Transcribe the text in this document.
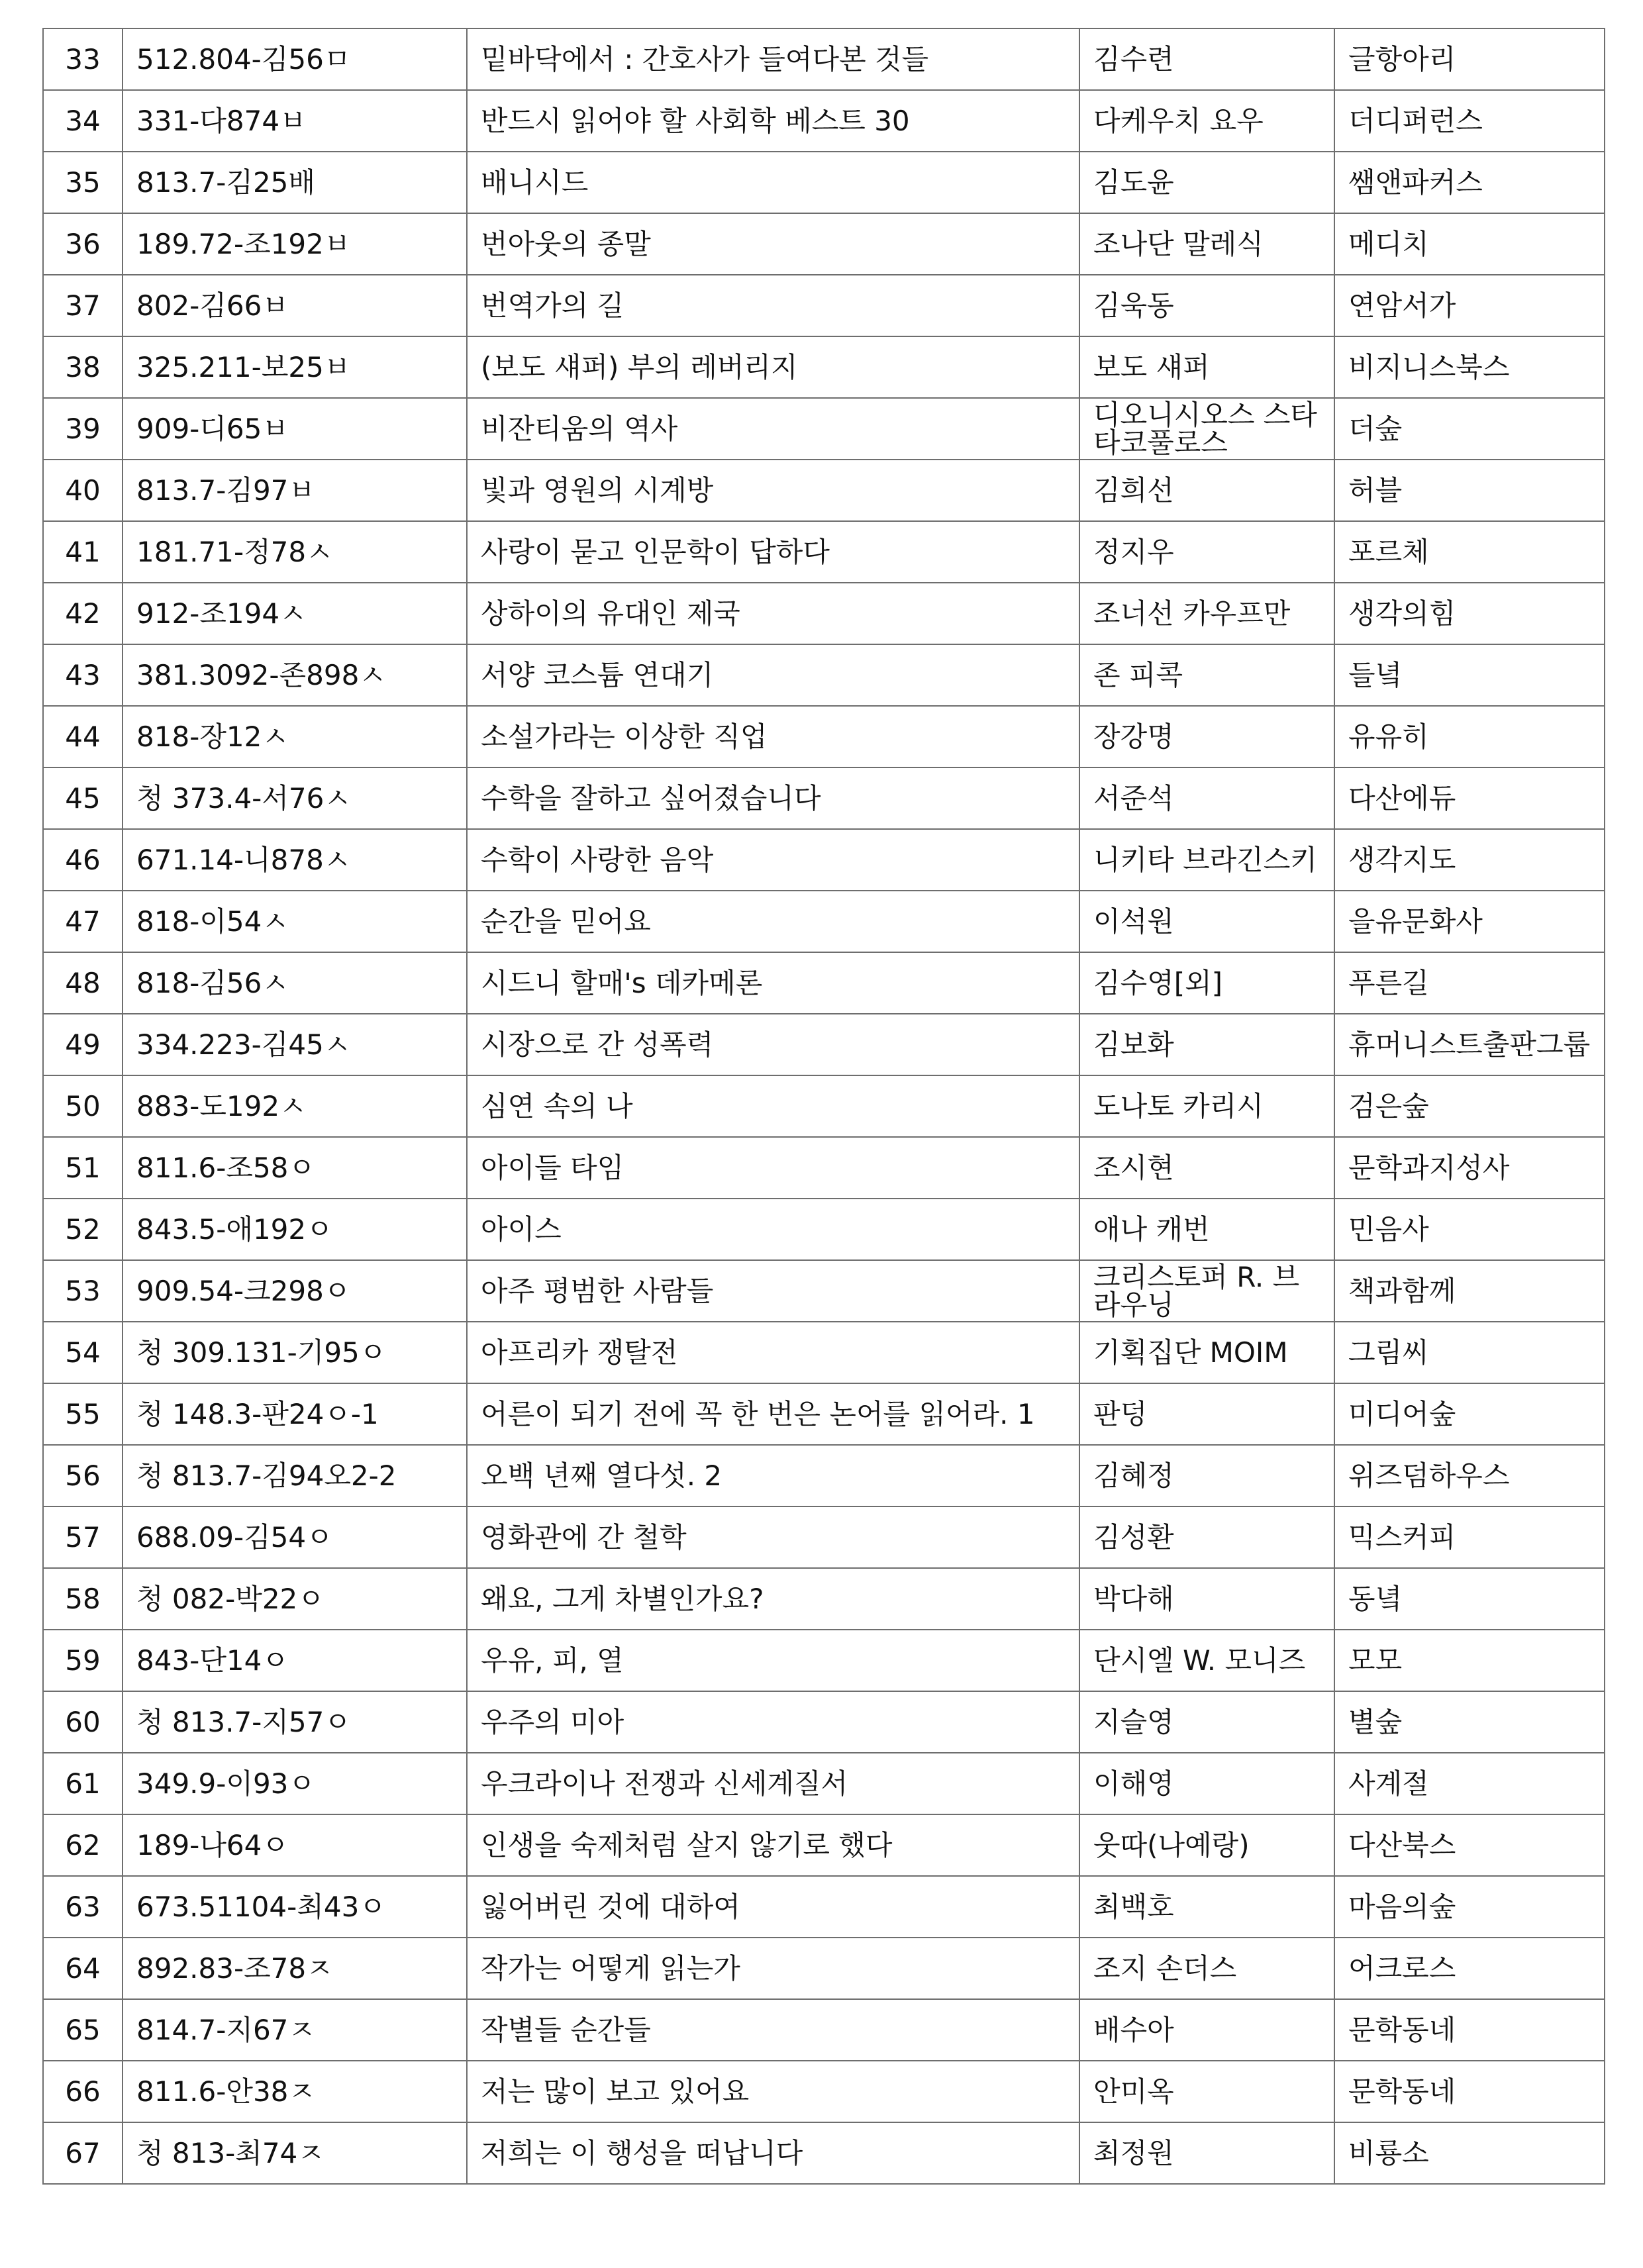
33	512.804-김56ㅁ	밑바닥에서 : 간호사가 들여다본 것들	김수련	글항아리
34	331-다874ㅂ	반드시 읽어야 할 사회학 베스트 30	다케우치 요우	더디퍼런스
35	813.7-김25배	배니시드	김도윤	쌤앤파커스
36	189.72-조192ㅂ	번아웃의 종말	조나단 말레식	메디치
37	802-김66ㅂ	번역가의 길	김욱동	연암서가
38	325.211-보25ㅂ	(보도 섀퍼) 부의 레버리지	보도 섀퍼	비지니스북스
39	909-디65ㅂ	비잔티움의 역사	디오니시오스 스타타코풀로스	더숲
40	813.7-김97ㅂ	빛과 영원의 시계방	김희선	허블
41	181.71-정78ㅅ	사랑이 묻고 인문학이 답하다	정지우	포르체
42	912-조194ㅅ	상하이의 유대인 제국	조너선 카우프만	생각의힘
43	381.3092-존898ㅅ	서양 코스튬 연대기	존 피콕	들녘
44	818-장12ㅅ	소설가라는 이상한 직업	장강명	유유히
45	청 373.4-서76ㅅ	수학을 잘하고 싶어졌습니다	서준석	다산에듀
46	671.14-니878ㅅ	수학이 사랑한 음악	니키타 브라긴스키	생각지도
47	818-이54ㅅ	순간을 믿어요	이석원	을유문화사
48	818-김56ㅅ	시드니 할매's 데카메론	김수영[외]	푸른길
49	334.223-김45ㅅ	시장으로 간 성폭력	김보화	휴머니스트출판그룹
50	883-도192ㅅ	심연 속의 나	도나토 카리시	검은숲
51	811.6-조58ㅇ	아이들 타임	조시현	문학과지성사
52	843.5-애192ㅇ	아이스	애나 캐번	민음사
53	909.54-크298ㅇ	아주 평범한 사람들	크리스토퍼 R. 브라우닝	책과함께
54	청 309.131-기95ㅇ	아프리카 쟁탈전	기획집단 MOIM	그림씨
55	청 148.3-판24ㅇ-1	어른이 되기 전에 꼭 한 번은 논어를 읽어라. 1	판덩	미디어숲
56	청 813.7-김94오2-2	오백 년째 열다섯. 2	김혜정	위즈덤하우스
57	688.09-김54ㅇ	영화관에 간 철학	김성환	믹스커피
58	청 082-박22ㅇ	왜요, 그게 차별인가요?	박다해	동녘
59	843-단14ㅇ	우유, 피, 열	단시엘 W. 모니즈	모모
60	청 813.7-지57ㅇ	우주의 미아	지슬영	별숲
61	349.9-이93ㅇ	우크라이나 전쟁과 신세계질서	이해영	사계절
62	189-나64ㅇ	인생을 숙제처럼 살지 않기로 했다	웃따(나예랑)	다산북스
63	673.51104-최43ㅇ	잃어버린 것에 대하여	최백호	마음의숲
64	892.83-조78ㅈ	작가는 어떻게 읽는가	조지 손더스	어크로스
65	814.7-지67ㅈ	작별들 순간들	배수아	문학동네
66	811.6-안38ㅈ	저는 많이 보고 있어요	안미옥	문학동네
67	청 813-최74ㅈ	저희는 이 행성을 떠납니다	최정원	비룡소
